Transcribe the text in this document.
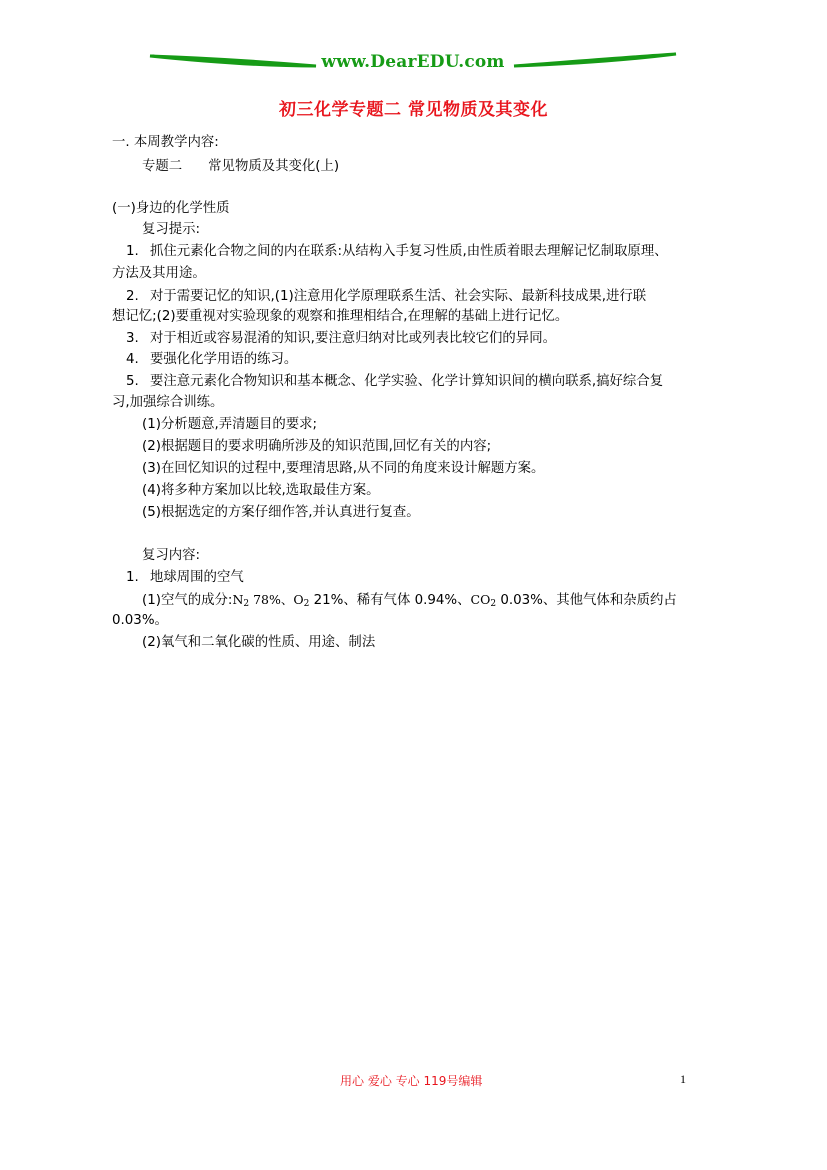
www.DearEDU.com
初三化学专题二 常见物质及其变化
一. 本周教学内容:
专题二 常见物质及其变化(上)
(一)身边的化学性质
复习提示:
1. 抓住元素化合物之间的内在联系:从结构入手复习性质,由性质着眼去理解记忆制取原理、
方法及其用途。
2. 对于需要记忆的知识,(1)注意用化学原理联系生活、社会实际、最新科技成果,进行联
想记忆;(2)要重视对实验现象的观察和推理相结合,在理解的基础上进行记忆。
3. 对于相近或容易混淆的知识,要注意归纳对比或列表比较它们的异同。
4. 要强化化学用语的练习。
5. 要注意元素化合物知识和基本概念、化学实验、化学计算知识间的横向联系,搞好综合复
习,加强综合训练。
(1)分析题意,弄清题目的要求;
(2)根据题目的要求明确所涉及的知识范围,回忆有关的内容;
(3)在回忆知识的过程中,要理清思路,从不同的角度来设计解题方案。
(4)将多种方案加以比较,选取最佳方案。
(5)根据选定的方案仔细作答,并认真进行复查。
复习内容:
1. 地球周围的空气
(1)空气的成分$:N_2$ 78%、$O_2$ 21%、稀有气体 0.94%、$CO_2$ 0.03%、其他气体和杂质约占
0.03%。
(2)氧气和二氧化碳的性质、用途、制法
用心 爱心 专心 119号编辑	1
